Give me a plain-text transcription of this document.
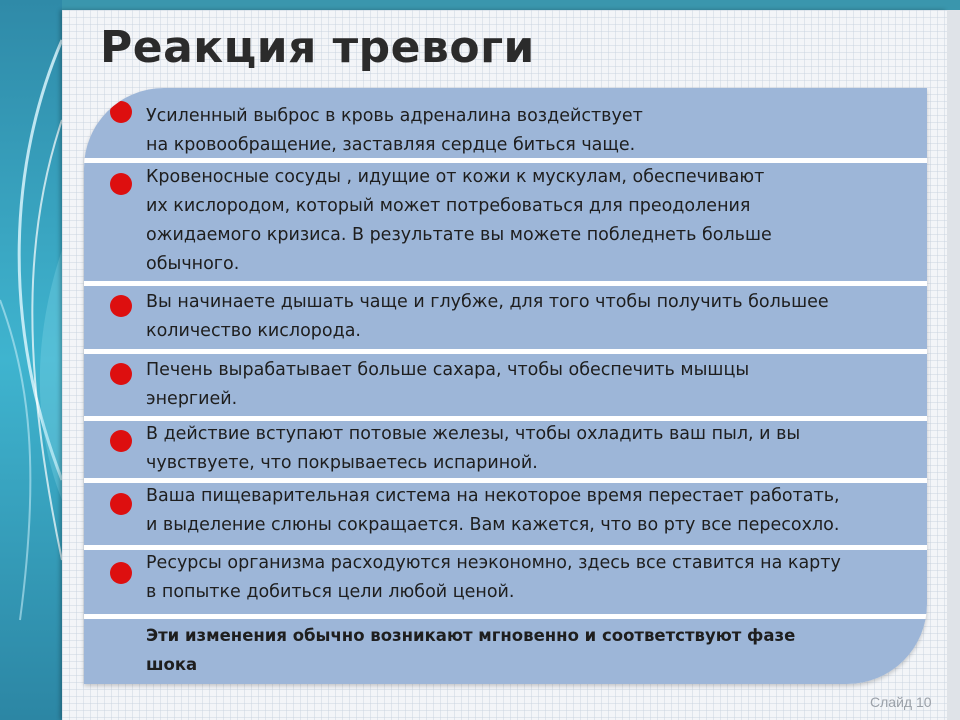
Реакция тревоги
Усиленный выброс в кровь адреналина воздействует
на кровообращение, заставляя сердце биться чаще.
Кровеносные сосуды , идущие от кожи к мускулам, обеспечивают
их кислородом, который может потребоваться для преодоления
ожидаемого кризиса. В результате вы можете побледнеть больше
обычного.
Вы начинаете дышать чаще и глубже, для того чтобы получить большее
количество кислорода.
Печень вырабатывает больше сахара, чтобы обеспечить мышцы
энергией.
В действие вступают потовые железы, чтобы охладить ваш пыл, и вы
чувствуете, что покрываетесь испариной.
Ваша пищеварительная система на некоторое время перестает работать,
и выделение слюны сокращается. Вам кажется, что во рту все пересохло.
Ресурсы организма расходуются неэкономно, здесь все ставится на карту
в попытке добиться цели любой ценой.
Эти изменения обычно возникают мгновенно и соответствуют фазе
шока
Слайд 10
